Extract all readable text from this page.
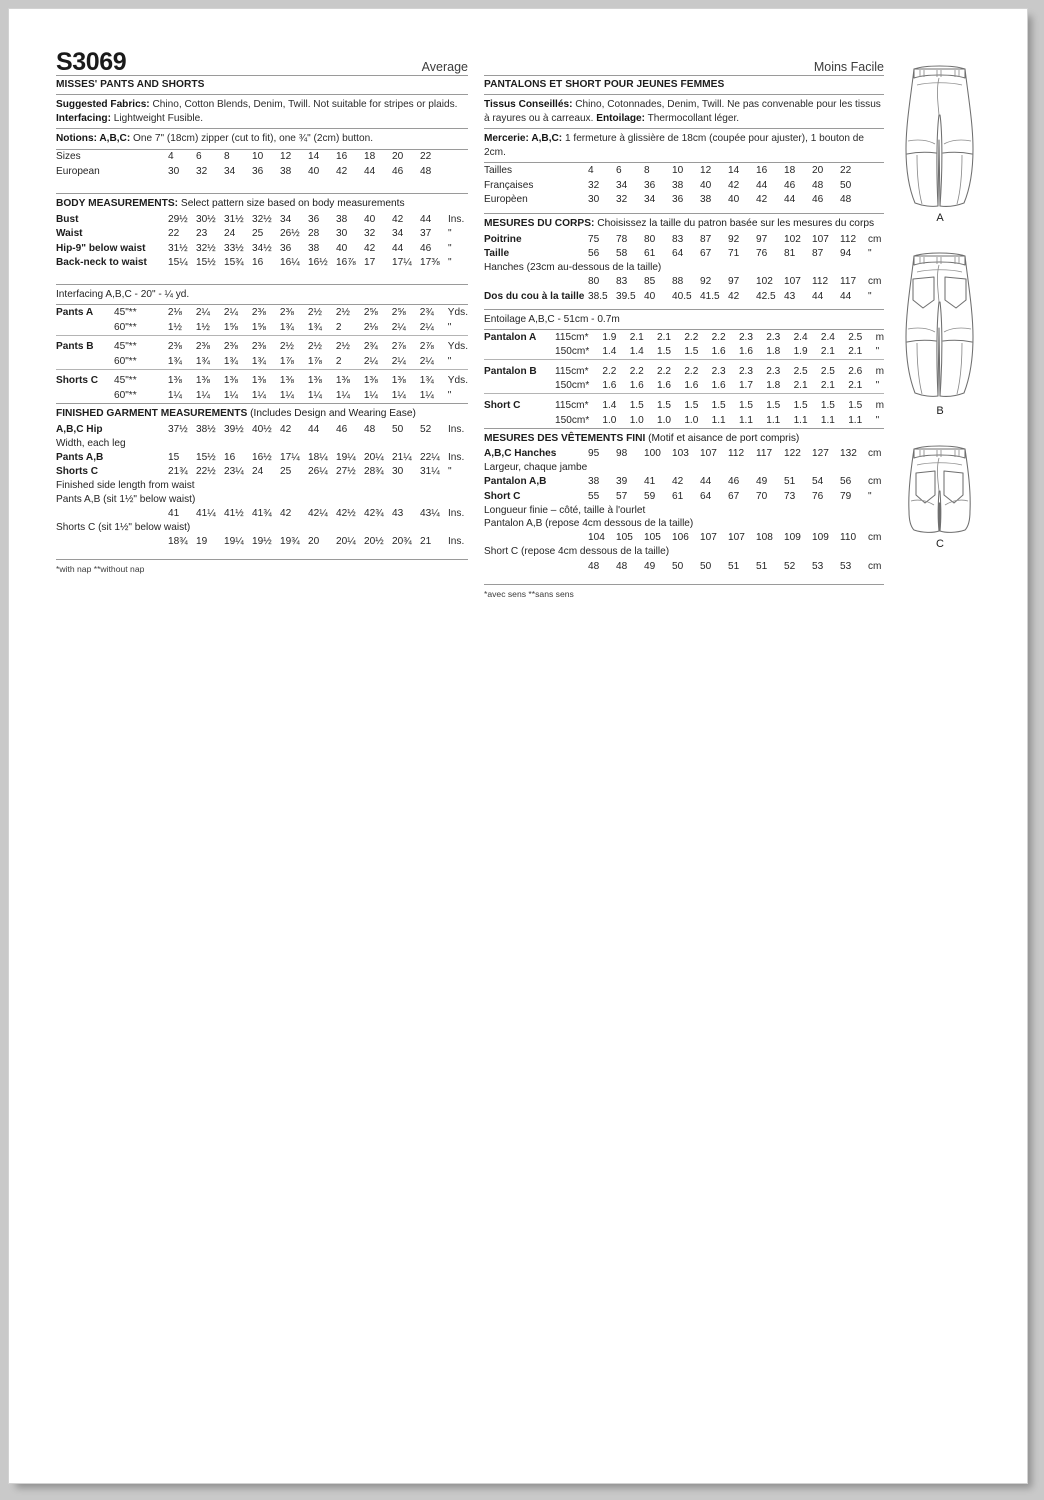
S3069	Average
MISSES' PANTS AND SHORTS
Suggested Fabrics: Chino, Cotton Blends, Denim, Twill. Not suitable for stripes or plaids.
Interfacing: Lightweight Fusible.
Notions: A,B,C: One 7" (18cm) zipper (cut to fit), one ¾" (2cm) button.
Sizes	4	6	8	10	12	14	16	18	20	22	
European	30	32	34	36	38	40	42	44	46	48	
BODY MEASUREMENTS: Select pattern size based on body measurements
Bust	29½	30½	31½	32½	34	36	38	40	42	44	Ins.
Waist	22	23	24	25	26½	28	30	32	34	37	"
Hip-9" below waist	31½	32½	33½	34½	36	38	40	42	44	46	"
Back-neck to waist	15¼	15½	15¾	16	16¼	16½	16⅞	17	17¼	17⅜	"
Interfacing A,B,C - 20" - ¼ yd.
Pants A	45"**	2⅛	2¼	2¼	2⅜	2⅜	2½	2½	2⅝	2⅝	2¾	Yds.
	60"**	1½	1½	1⅝	1⅝	1¾	1¾	2	2⅛	2¼	2¼	"

Pants B	45"**	2⅜	2⅜	2⅜	2⅜	2½	2½	2½	2¾	2⅞	2⅞	Yds.
	60"**	1¾	1¾	1¾	1¾	1⅞	1⅞	2	2¼	2¼	2¼	"

Shorts C	45"**	1⅜	1⅜	1⅜	1⅜	1⅜	1⅜	1⅜	1⅜	1⅜	1¾	Yds.
	60"**	1¼	1¼	1¼	1¼	1¼	1¼	1¼	1¼	1¼	1¼	"
FINISHED GARMENT MEASUREMENTS (Includes Design and Wearing Ease)
A,B,C Hip	37½	38½	39½	40½	42	44	46	48	50	52	Ins.
Width, each leg
Pants A,B	15	15½	16	16½	17¼	18¼	19¼	20¼	21¼	22¼	Ins.
Shorts C	21¾	22½	23¼	24	25	26¼	27½	28¾	30	31¼	"
Finished side length from waist
Pants A,B (sit 1½" below waist)
	41	41¼	41½	41¾	42	42¼	42½	42¾	43	43¼	Ins.
Shorts C (sit 1½" below waist)
	18¾	19	19¼	19½	19¾	20	20¼	20½	20¾	21	Ins.
*with nap **without nap
Moins Facile
PANTALONS ET SHORT POUR JEUNES FEMMES
Tissus Conseillés: Chino, Cotonnades, Denim, Twill. Ne pas convenable pour les tissus à rayures ou à carreaux. Entoilage: Thermocollant léger.
Mercerie: A,B,C: 1 fermeture à glissière de 18cm (coupée pour ajuster), 1 bouton de 2cm.
Tailles	4	6	8	10	12	14	16	18	20	22	
Françaises	32	34	36	38	40	42	44	46	48	50	
Europèen	30	32	34	36	38	40	42	44	46	48	
MESURES DU CORPS: Choisissez la taille du patron basée sur les mesures du corps
Poitrine	75	78	80	83	87	92	97	102	107	112	cm
Taille	56	58	61	64	67	71	76	81	87	94	"
Hanches (23cm au-dessous de la taille)
	80	83	85	88	92	97	102	107	112	117	cm
Dos du cou à la taille	38.5	39.5	40	40.5	41.5	42	42.5	43	44	44	"
Entoilage A,B,C - 51cm - 0.7m
Pantalon A	115cm*	1.9	2.1	2.1	2.2	2.2	2.3	2.3	2.4	2.4	2.5	m
	150cm*	1.4	1.4	1.5	1.5	1.6	1.6	1.8	1.9	2.1	2.1	"

Pantalon B	115cm*	2.2	2.2	2.2	2.2	2.3	2.3	2.3	2.5	2.5	2.6	m
	150cm*	1.6	1.6	1.6	1.6	1.6	1.7	1.8	2.1	2.1	2.1	"

Short C	115cm*	1.4	1.5	1.5	1.5	1.5	1.5	1.5	1.5	1.5	1.5	m
	150cm*	1.0	1.0	1.0	1.0	1.1	1.1	1.1	1.1	1.1	1.1	"
MESURES DES VÊTEMENTS FINI (Motif et aisance de port compris)
A,B,C Hanches	95	98	100	103	107	112	117	122	127	132	cm
Largeur, chaque jambe
Pantalon A,B	38	39	41	42	44	46	49	51	54	56	cm
Short C	55	57	59	61	64	67	70	73	76	79	"
Longueur finie – côté, taille à l'ourlet
Pantalon A,B (repose 4cm dessous de la taille)
	104	105	105	106	107	107	108	109	109	110	cm
Short C (repose 4cm dessous de la taille)
	48	48	49	50	50	51	51	52	53	53	cm
*avec sens **sans sens
A
B
C
